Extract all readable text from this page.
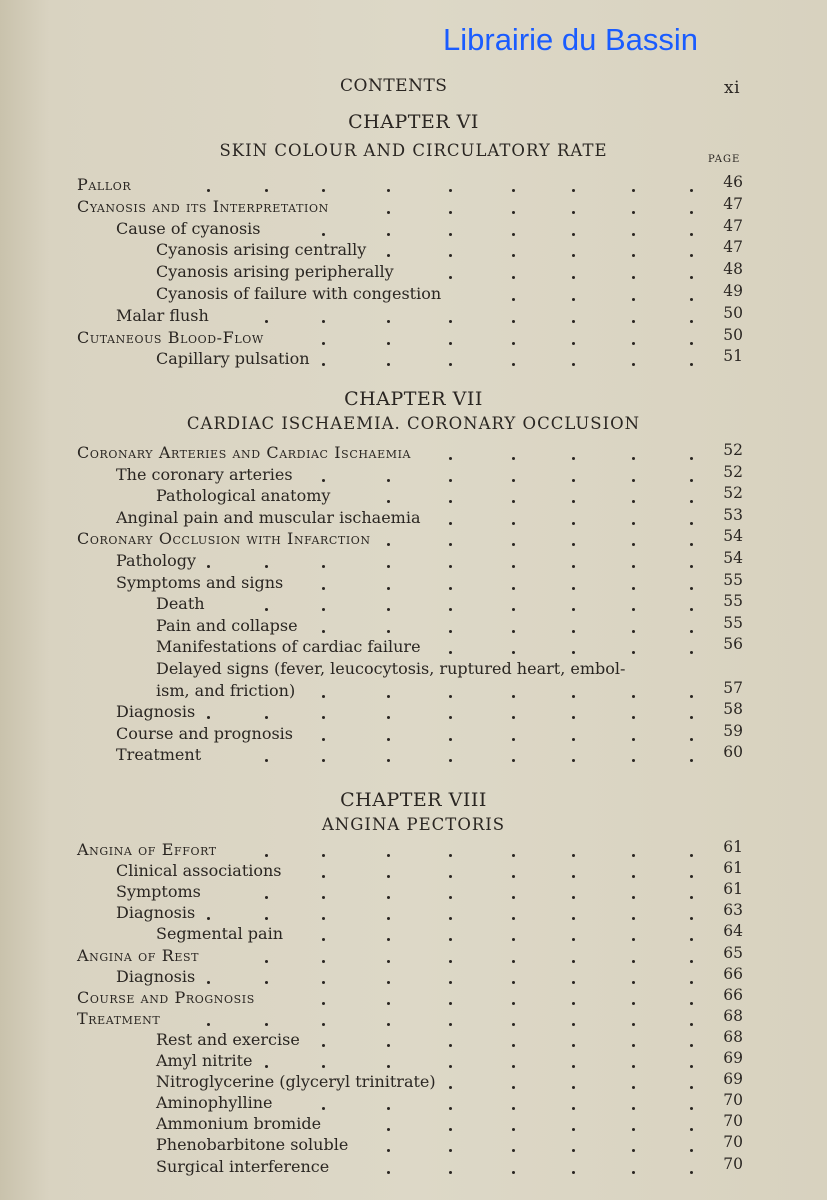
CONTENTS	xi
CHAPTER VI
SKIN COLOUR AND CIRCULATORY RATE	PAGE
Pallor	46
Cyanosis and its Interpretation	47
Cause of cyanosis	47
Cyanosis arising centrally	47
Cyanosis arising peripherally	48
Cyanosis of failure with congestion	49
Malar flush	50
Cutaneous Blood-Flow	50
Capillary pulsation	51
CHAPTER VII
CARDIAC ISCHAEMIA. CORONARY OCCLUSION
Coronary Arteries and Cardiac Ischaemia	52
The coronary arteries	52
Pathological anatomy	52
Anginal pain and muscular ischaemia	53
Coronary Occlusion with Infarction	54
Pathology	54
Symptoms and signs	55
Death	55
Pain and collapse	55
Manifestations of cardiac failure	56
Delayed signs (fever, leucocytosis, ruptured heart, embol-
ism, and friction)	57
Diagnosis	58
Course and prognosis	59
Treatment	60
CHAPTER VIII
ANGINA PECTORIS
Angina of Effort	61
Clinical associations	61
Symptoms	61
Diagnosis	63
Segmental pain	64
Angina of Rest	65
Diagnosis	66
Course and Prognosis	66
Treatment	68
Rest and exercise	68
Amyl nitrite	69
Nitroglycerine (glyceryl trinitrate)	69
Aminophylline	70
Ammonium bromide	70
Phenobarbitone soluble	70
Surgical interference	70
Librairie du Bassin
